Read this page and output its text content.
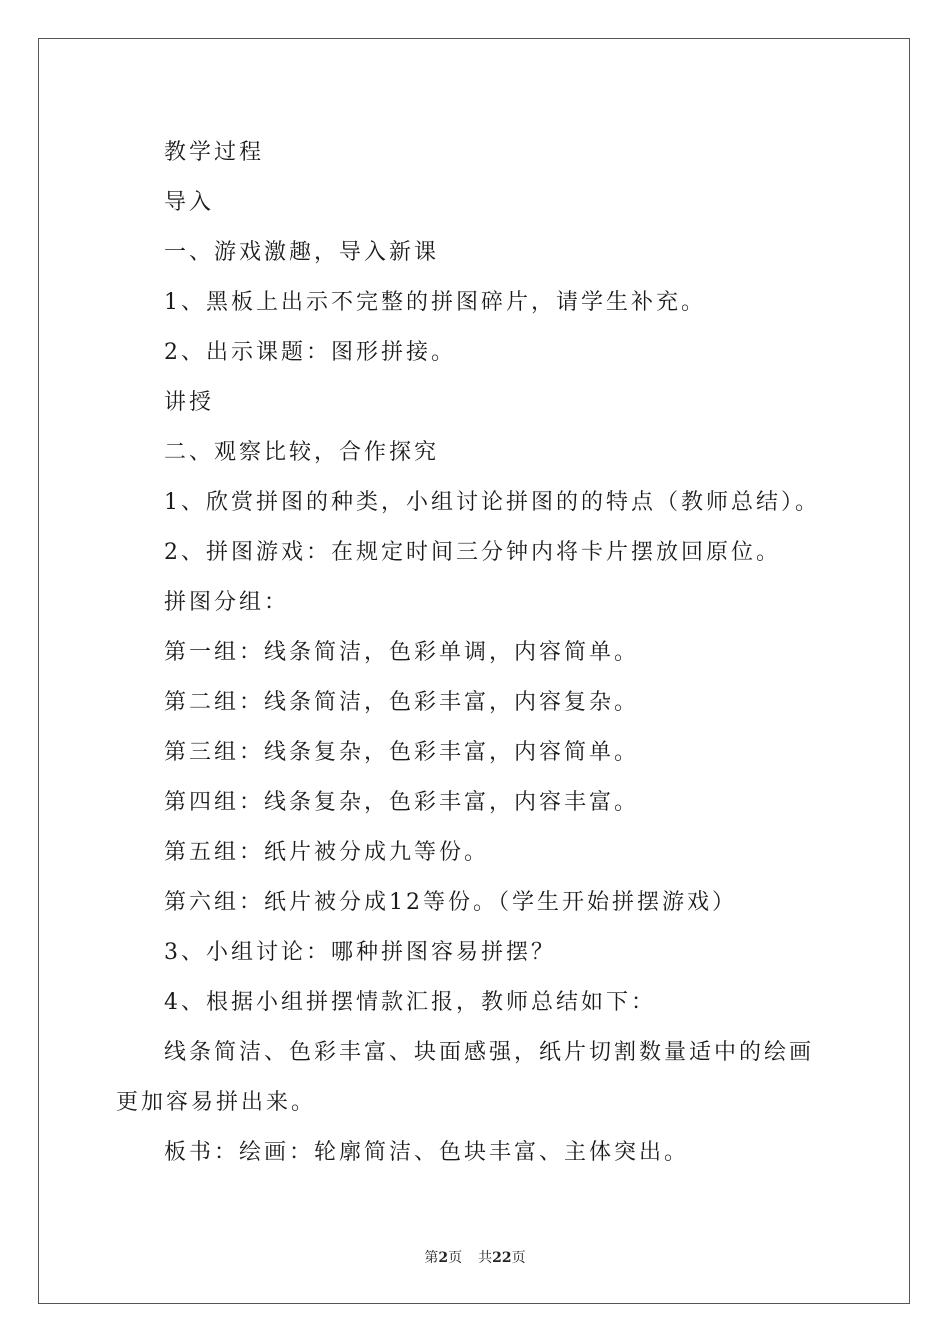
教学过程

导入

一、游戏激趣，导入新课

1、黑板上出示不完整的拼图碎片，请学生补充。

2、出示课题：图形拼接。

讲授

二、观察比较，合作探究

1、欣赏拼图的种类，小组讨论拼图的的特点（教师总结）。

2、拼图游戏：在规定时间三分钟内将卡片摆放回原位。

拼图分组：

第一组：线条简洁，色彩单调，内容简单。

第二组：线条简洁，色彩丰富，内容复杂。

第三组：线条复杂，色彩丰富，内容简单。

第四组：线条复杂，色彩丰富，内容丰富。

第五组：纸片被分成九等份。

第六组：纸片被分成12等份。（学生开始拼摆游戏）

3、小组讨论：哪种拼图容易拼摆？

4、根据小组拼摆情款汇报，教师总结如下：

线条简洁、色彩丰富、块面感强，纸片切割数量适中的绘画更加容易拼出来。

板书：绘画：轮廓简洁、色块丰富、主体突出。

第2页 共22页
